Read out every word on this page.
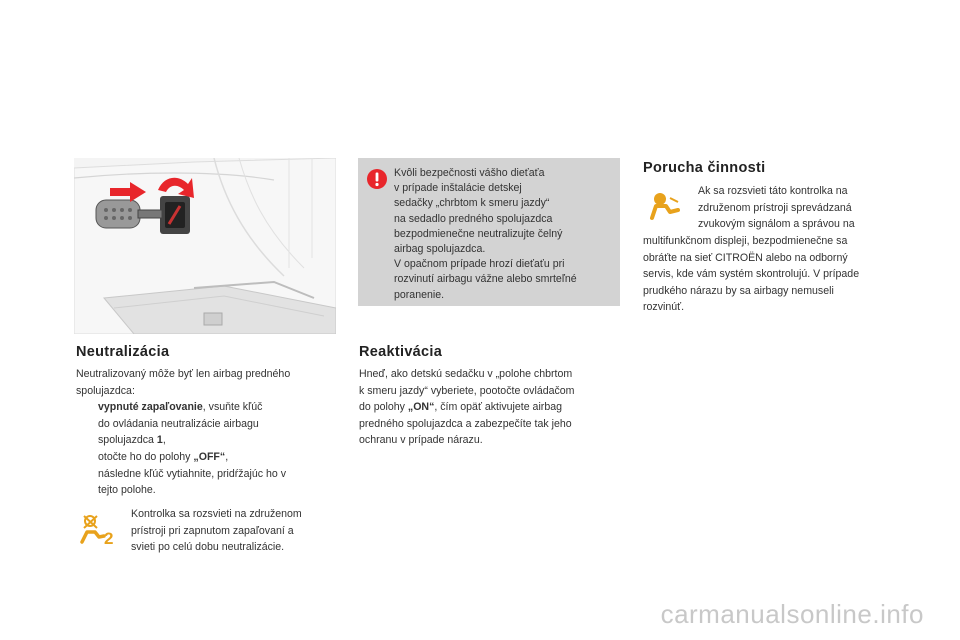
Kvôli bezpečnosti vášho dieťaťa
v prípade inštalácie detskej
sedačky „chrbtom k smeru jazdy“
na sedadlo predného spolujazdca
bezpodmienečne neutralizujte čelný
airbag spolujazdca.
V opačnom prípade hrozí dieťaťu pri
rozvinutí airbagu vážne alebo smrteľné
poranenie.
Porucha činnosti
Ak sa rozsvieti táto kontrolka na
združenom prístroji sprevádzaná
zvukovým signálom a správou na
multifunkčnom displeji, bezpodmienečne sa
obráťte na sieť CITROËN alebo na odborný
servis, kde vám systém skontrolujú. V prípade
prudkého nárazu by sa airbagy nemuseli
rozvinúť.
Neutralizácia
Neutralizovaný môže byť len airbag predného
spolujazdca:
vypnuté zapaľovanie, vsuňte kľúč
do ovládania neutralizácie airbagu
spolujazdca 1,
otočte ho do polohy „OFF“,
následne kľúč vytiahnite, pridŕžajúc ho v
tejto polohe.
2
Kontrolka sa rozsvieti na združenom
prístroji pri zapnutom zapaľovaní a
svieti po celú dobu neutralizácie.
Reaktivácia
Hneď, ako detskú sedačku v „polohe chbrtom
k smeru jazdy“ vyberiete, pootočte ovládačom
do polohy „ON“, čím opäť aktivujete airbag
predného spolujazdca a zabezpečíte tak jeho
ochranu v prípade nárazu.
carmanualsonline.info
